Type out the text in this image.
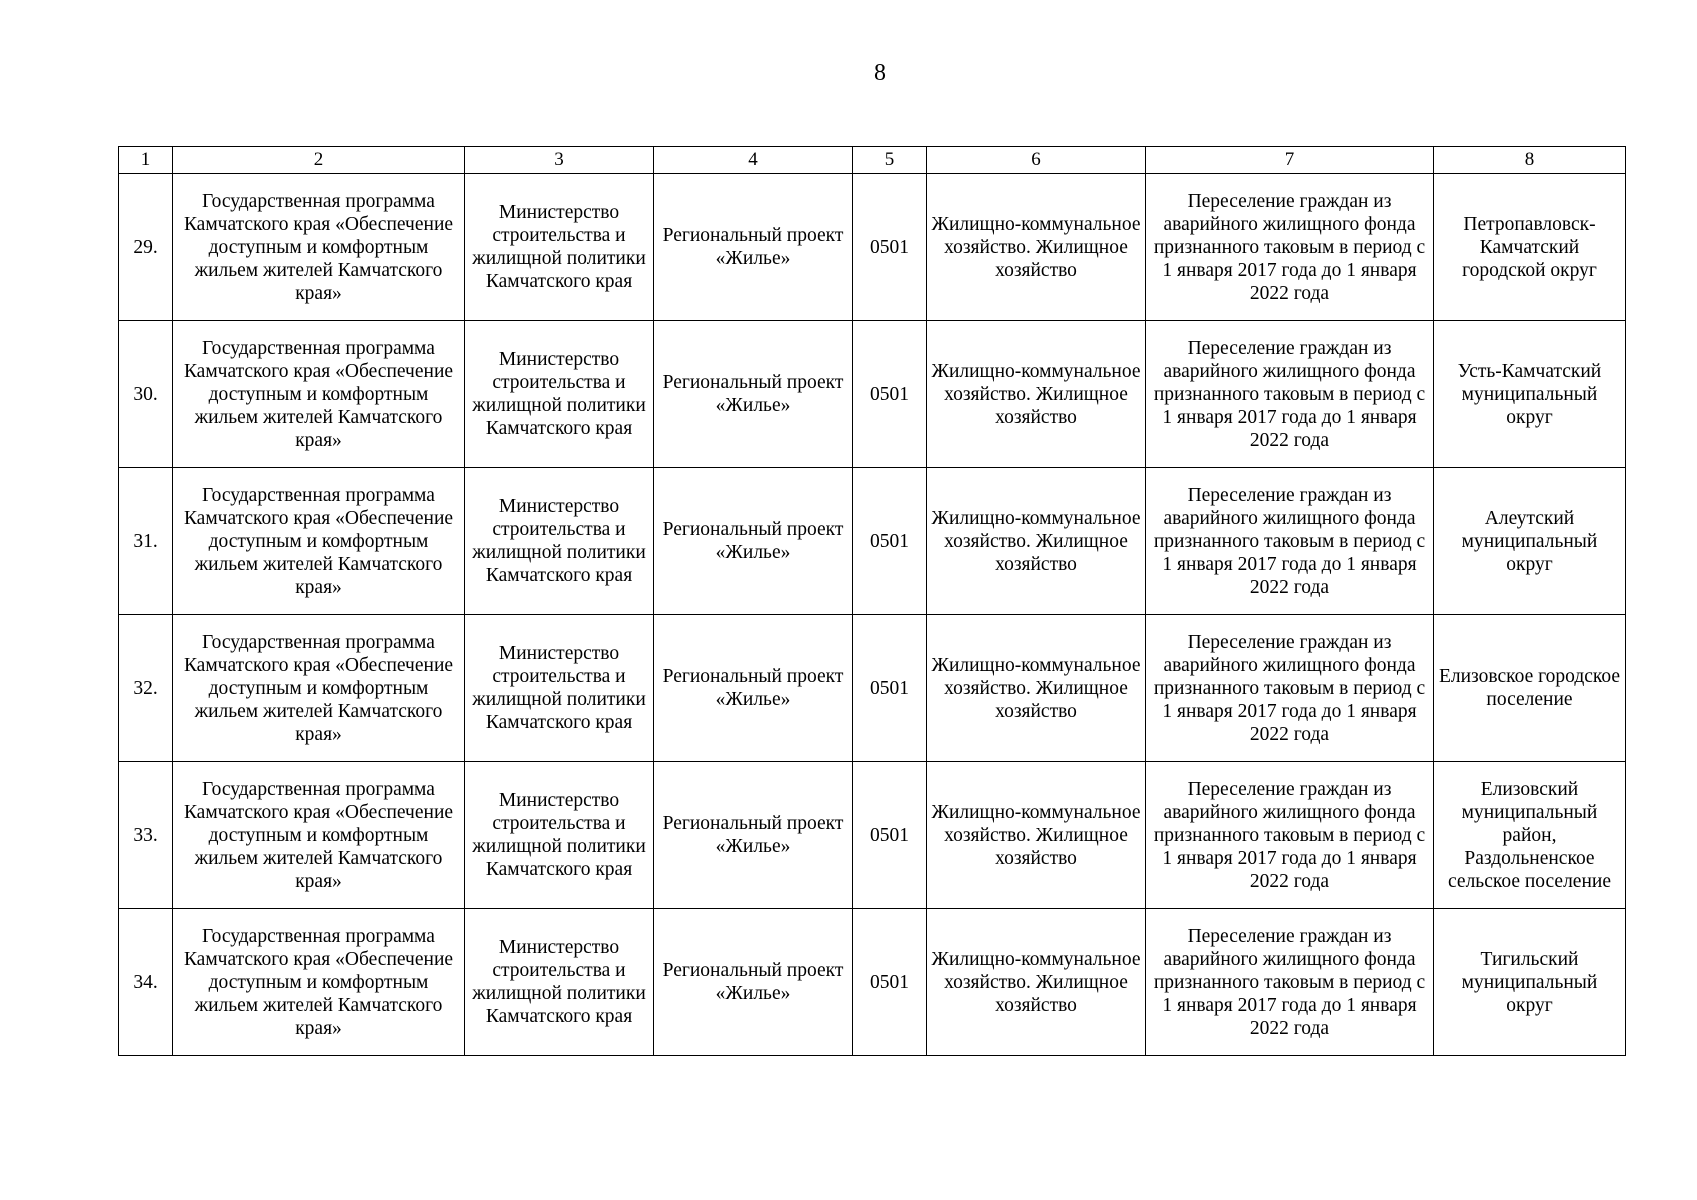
8
1	2	3	4	5	6	7	8
29.	Государственная программа Камчатского края «Обеспечение доступным и комфортным жильем жителей Камчатского края»	Министерство строительства и жилищной политики Камчатского края	Региональный проект «Жилье»	0501	Жилищно-коммунальное хозяйство. Жилищное хозяйство	Переселение граждан из аварийного жилищного фонда признанного таковым в период с 1 января 2017 года до 1 января 2022 года	Петропавловск-Камчатский городской округ
30.	Государственная программа Камчатского края «Обеспечение доступным и комфортным жильем жителей Камчатского края»	Министерство строительства и жилищной политики Камчатского края	Региональный проект «Жилье»	0501	Жилищно-коммунальное хозяйство. Жилищное хозяйство	Переселение граждан из аварийного жилищного фонда признанного таковым в период с 1 января 2017 года до 1 января 2022 года	Усть-Камчатский муниципальный округ
31.	Государственная программа Камчатского края «Обеспечение доступным и комфортным жильем жителей Камчатского края»	Министерство строительства и жилищной политики Камчатского края	Региональный проект «Жилье»	0501	Жилищно-коммунальное хозяйство. Жилищное хозяйство	Переселение граждан из аварийного жилищного фонда признанного таковым в период с 1 января 2017 года до 1 января 2022 года	Алеутский муниципальный округ
32.	Государственная программа Камчатского края «Обеспечение доступным и комфортным жильем жителей Камчатского края»	Министерство строительства и жилищной политики Камчатского края	Региональный проект «Жилье»	0501	Жилищно-коммунальное хозяйство. Жилищное хозяйство	Переселение граждан из аварийного жилищного фонда признанного таковым в период с 1 января 2017 года до 1 января 2022 года	Елизовское городское поселение
33.	Государственная программа Камчатского края «Обеспечение доступным и комфортным жильем жителей Камчатского края»	Министерство строительства и жилищной политики Камчатского края	Региональный проект «Жилье»	0501	Жилищно-коммунальное хозяйство. Жилищное хозяйство	Переселение граждан из аварийного жилищного фонда признанного таковым в период с 1 января 2017 года до 1 января 2022 года	Елизовский муниципальный район, Раздольненское сельское поселение
34.	Государственная программа Камчатского края «Обеспечение доступным и комфортным жильем жителей Камчатского края»	Министерство строительства и жилищной политики Камчатского края	Региональный проект «Жилье»	0501	Жилищно-коммунальное хозяйство. Жилищное хозяйство	Переселение граждан из аварийного жилищного фонда признанного таковым в период с 1 января 2017 года до 1 января 2022 года	Тигильский муниципальный округ
